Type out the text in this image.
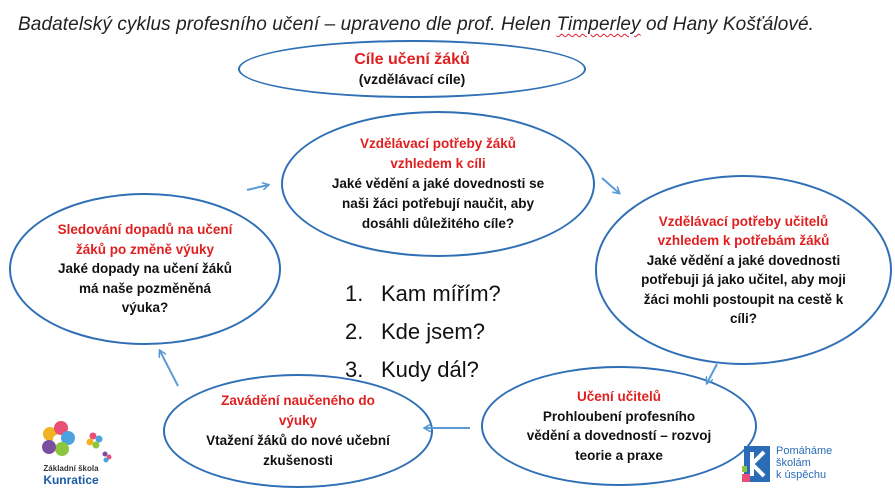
Badatelský cyklus profesního učení – upraveno dle prof. Helen Timperley od Hany Košťálové.
Cíle učení žáků
(vzdělávací cíle)
Vzdělávací potřeby žáků vzhledem k cíli
Jaké vědění a jaké dovednosti se naši žáci potřebují naučit, aby dosáhli důležitého cíle?	Vzdělávací potřeby učitelů vzhledem k potřebám žáků
Jaké vědění a jaké dovednosti potřebuji já jako učitel, aby moji žáci mohli postoupit na cestě k cíli?
Učení učitelů
Prohloubení profesního vědění a dovedností – rozvoj teorie a praxe
Zavádění naučeného do výuky
Vtažení žáků do nové učební zkušenosti
Sledování dopadů na učení žáků po změně výuky
Jaké dopady na učení žáků má naše pozměněná výuka?
1. Kam mířím?
2. Kde jsem?
3. Kudy dál?
Základní škola
Kunratice
Pomáháme
školám
k úspěchu
